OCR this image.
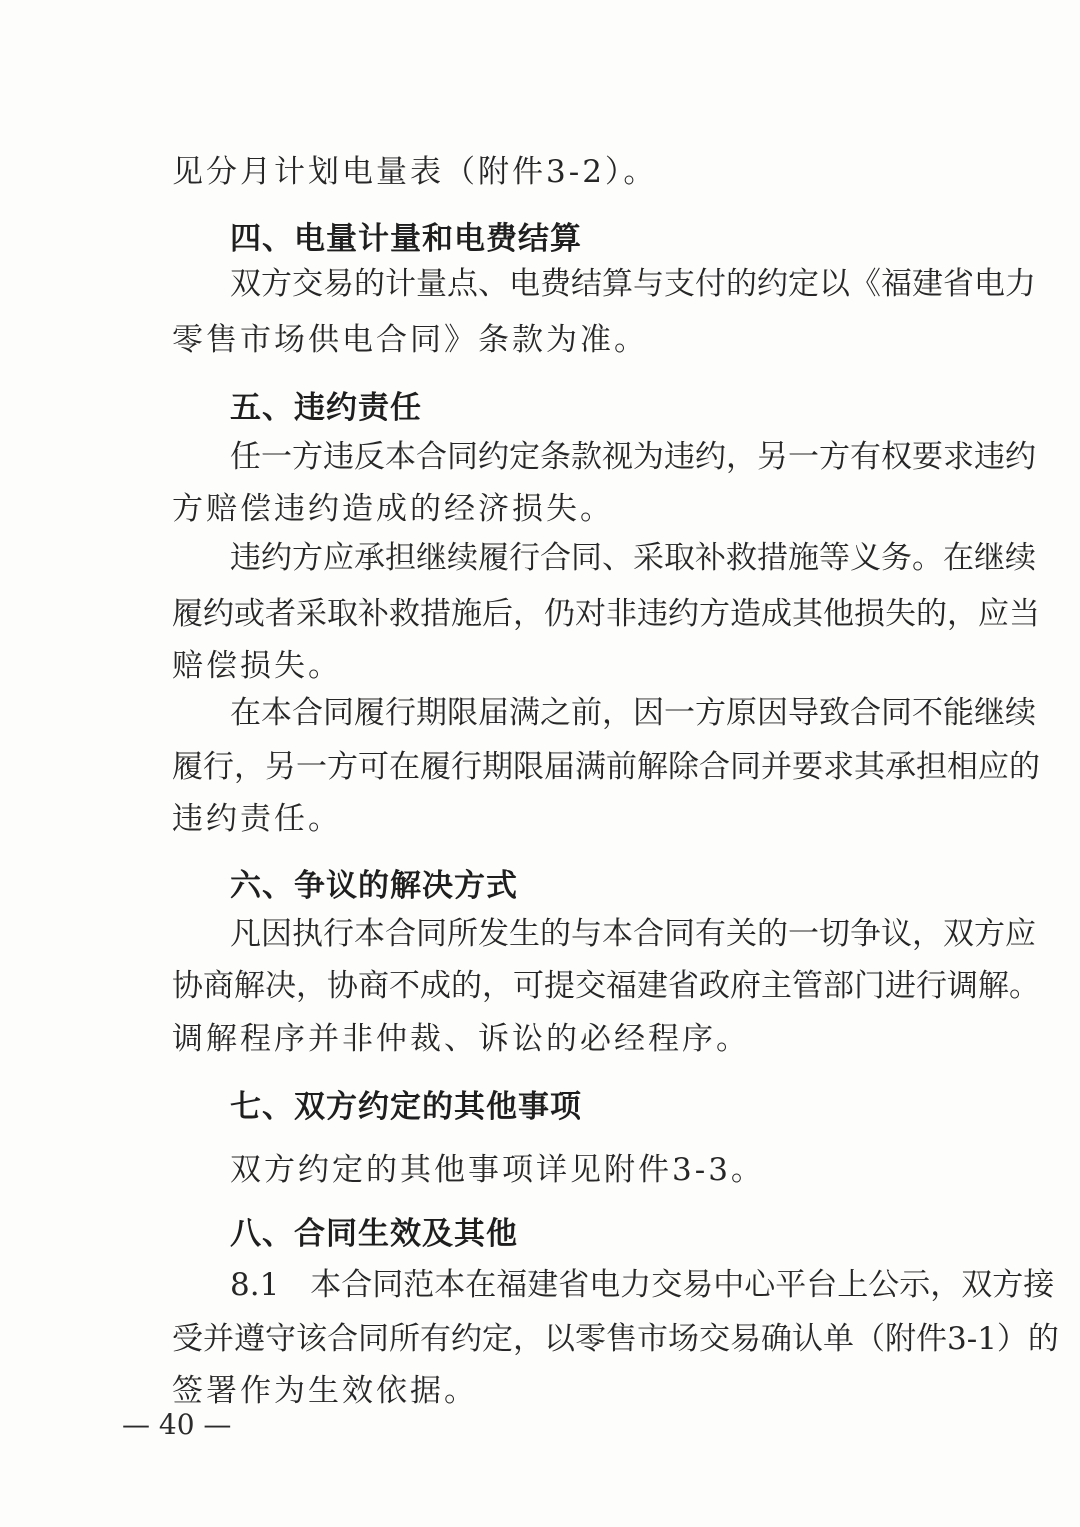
见分月计划电量表（附件3-2）。
四、电量计量和电费结算
双方交易的计量点、电费结算与支付的约定以《福建省电力
零售市场供电合同》条款为准。
五、违约责任
任一方违反本合同约定条款视为违约，另一方有权要求违约
方赔偿违约造成的经济损失。
违约方应承担继续履行合同、采取补救措施等义务。在继续
履约或者采取补救措施后，仍对非违约方造成其他损失的，应当
赔偿损失。
在本合同履行期限届满之前，因一方原因导致合同不能继续
履行，另一方可在履行期限届满前解除合同并要求其承担相应的
违约责任。
六、争议的解决方式
凡因执行本合同所发生的与本合同有关的一切争议，双方应
协商解决，协商不成的，可提交福建省政府主管部门进行调解。
调解程序并非仲裁、诉讼的必经程序。
七、双方约定的其他事项
双方约定的其他事项详见附件3-3。
八、合同生效及其他
8.1　本合同范本在福建省电力交易中心平台上公示，双方接
受并遵守该合同所有约定，以零售市场交易确认单（附件3-1）的
签署作为生效依据。
— 40 —
